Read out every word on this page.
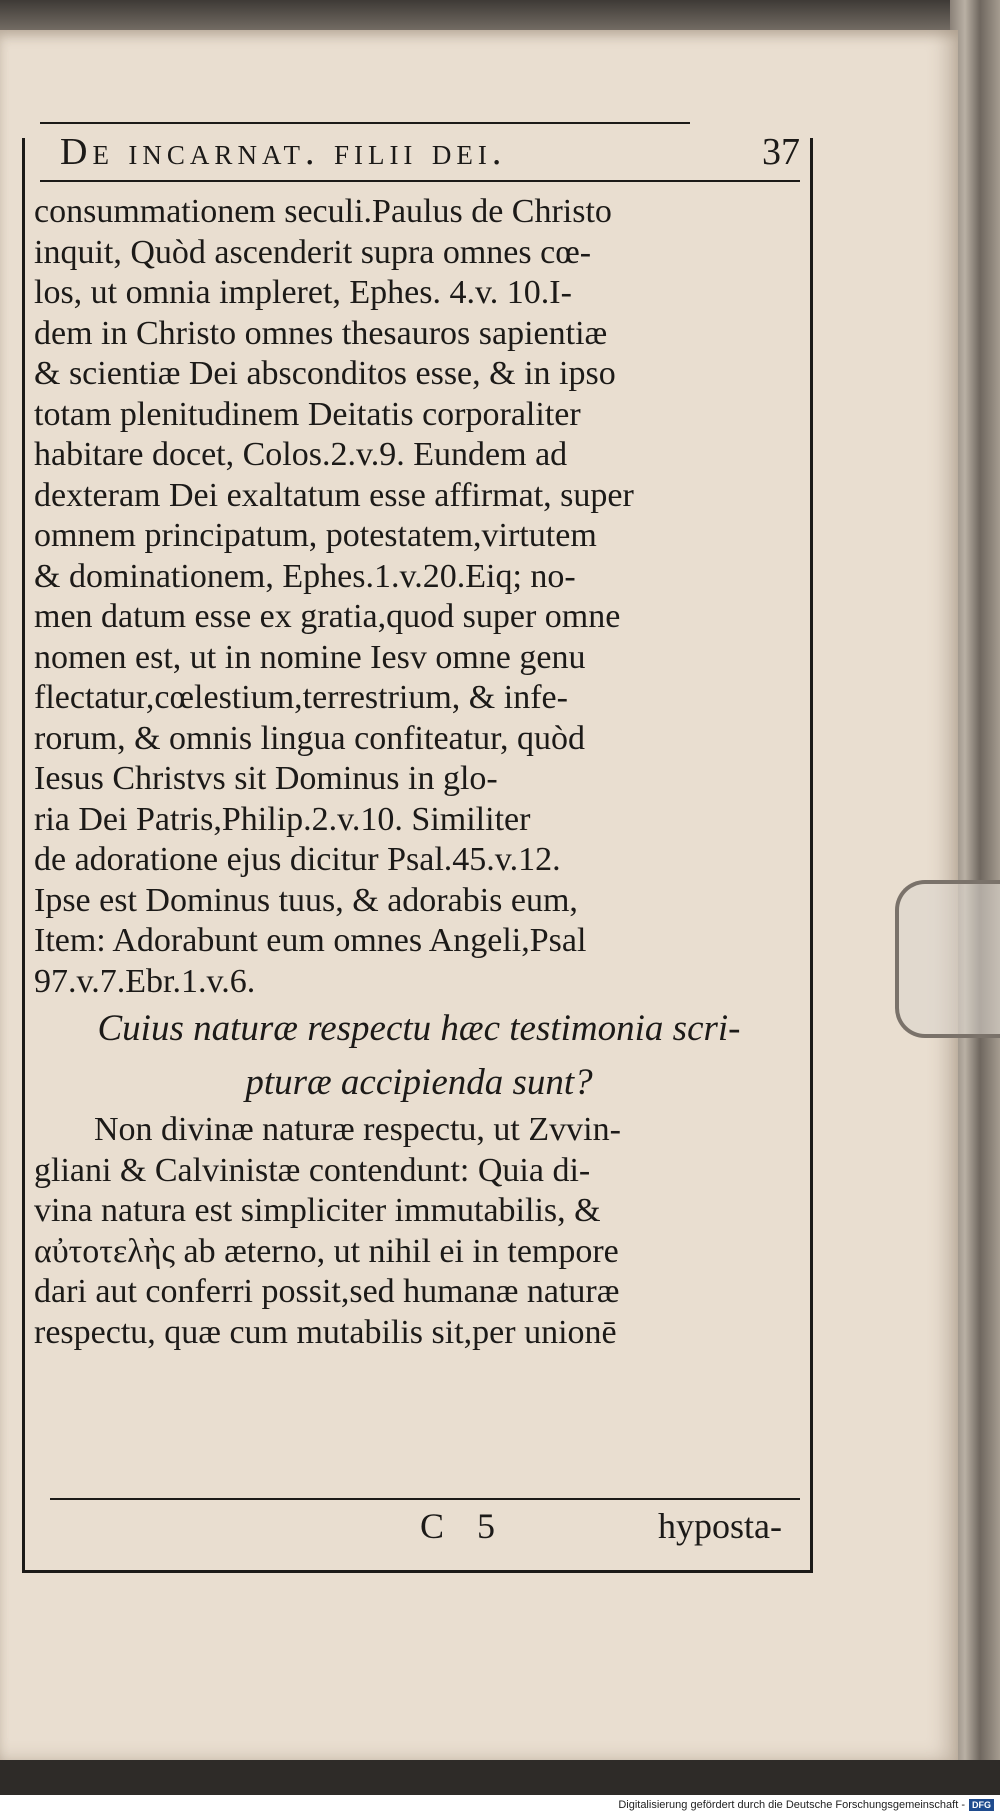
De incarnat. filii dei.	37
consummationem seculi.Paulus de Christo
inquit, Quòd ascenderit supra omnes cœ-
los, ut omnia impleret, Ephes. 4.v. 10.I-
dem in Christo omnes thesauros sapientiæ
& scientiæ Dei absconditos esse, & in ipso
totam plenitudinem Deitatis corporaliter
habitare docet, Colos.2.v.9. Eundem ad
dexteram Dei exaltatum esse affirmat, super
omnem principatum, potestatem,virtutem
& dominationem, Ephes.1.v.20.Eiq; no-
men datum esse ex gratia,quod super omne
nomen est, ut in nomine Iesv omne genu
flectatur,cœlestium,terrestrium, & infe-
rorum, & omnis lingua confiteatur, quòd
Iesus Christvs sit Dominus in glo-
ria Dei Patris,Philip.2.v.10. Similiter
de adoratione ejus dicitur Psal.45.v.12.
Ipse est Dominus tuus, & adorabis eum,
Item: Adorabunt eum omnes Angeli,Psal
97.v.7.Ebr.1.v.6.
Cuius naturæ respectu hæc testimonia scri-
pturæ accipienda sunt?
Non divinæ naturæ respectu, ut Zvvin-
gliani & Calvinistæ contendunt: Quia di-
vina natura est simpliciter immutabilis, &
αὐτοτελὴς ab æterno, ut nihil ei in tempore
dari aut conferri possit,sed humanæ naturæ
respectu, quæ cum mutabilis sit,per unionē
C 5	hyposta-
Digitalisierung gefördert durch die Deutsche Forschungsgemeinschaft - DFG
